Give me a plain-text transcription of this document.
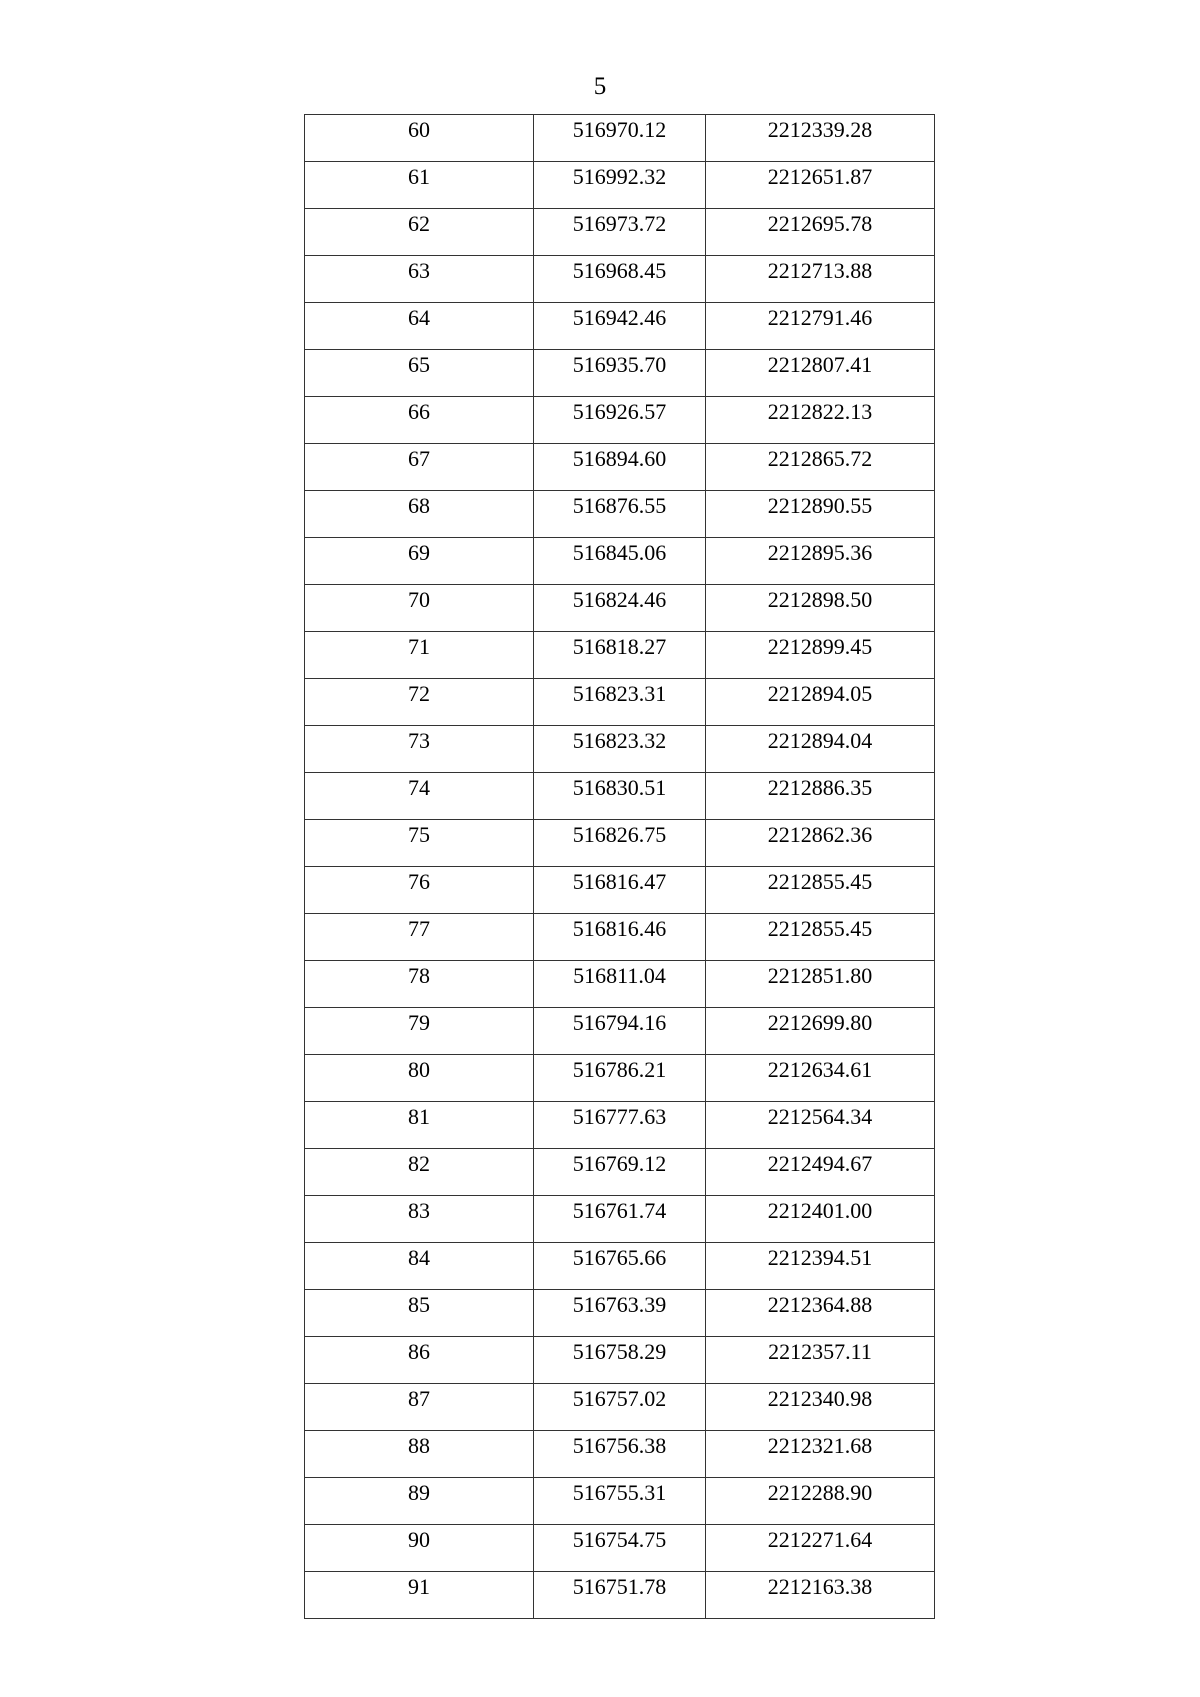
5
60	516970.12	2212339.28

61	516992.32	2212651.87

62	516973.72	2212695.78

63	516968.45	2212713.88

64	516942.46	2212791.46

65	516935.70	2212807.41

66	516926.57	2212822.13

67	516894.60	2212865.72

68	516876.55	2212890.55

69	516845.06	2212895.36

70	516824.46	2212898.50

71	516818.27	2212899.45

72	516823.31	2212894.05

73	516823.32	2212894.04

74	516830.51	2212886.35

75	516826.75	2212862.36

76	516816.47	2212855.45

77	516816.46	2212855.45

78	516811.04	2212851.80

79	516794.16	2212699.80

80	516786.21	2212634.61

81	516777.63	2212564.34

82	516769.12	2212494.67

83	516761.74	2212401.00

84	516765.66	2212394.51

85	516763.39	2212364.88

86	516758.29	2212357.11

87	516757.02	2212340.98

88	516756.38	2212321.68

89	516755.31	2212288.90

90	516754.75	2212271.64

91	516751.78	2212163.38
